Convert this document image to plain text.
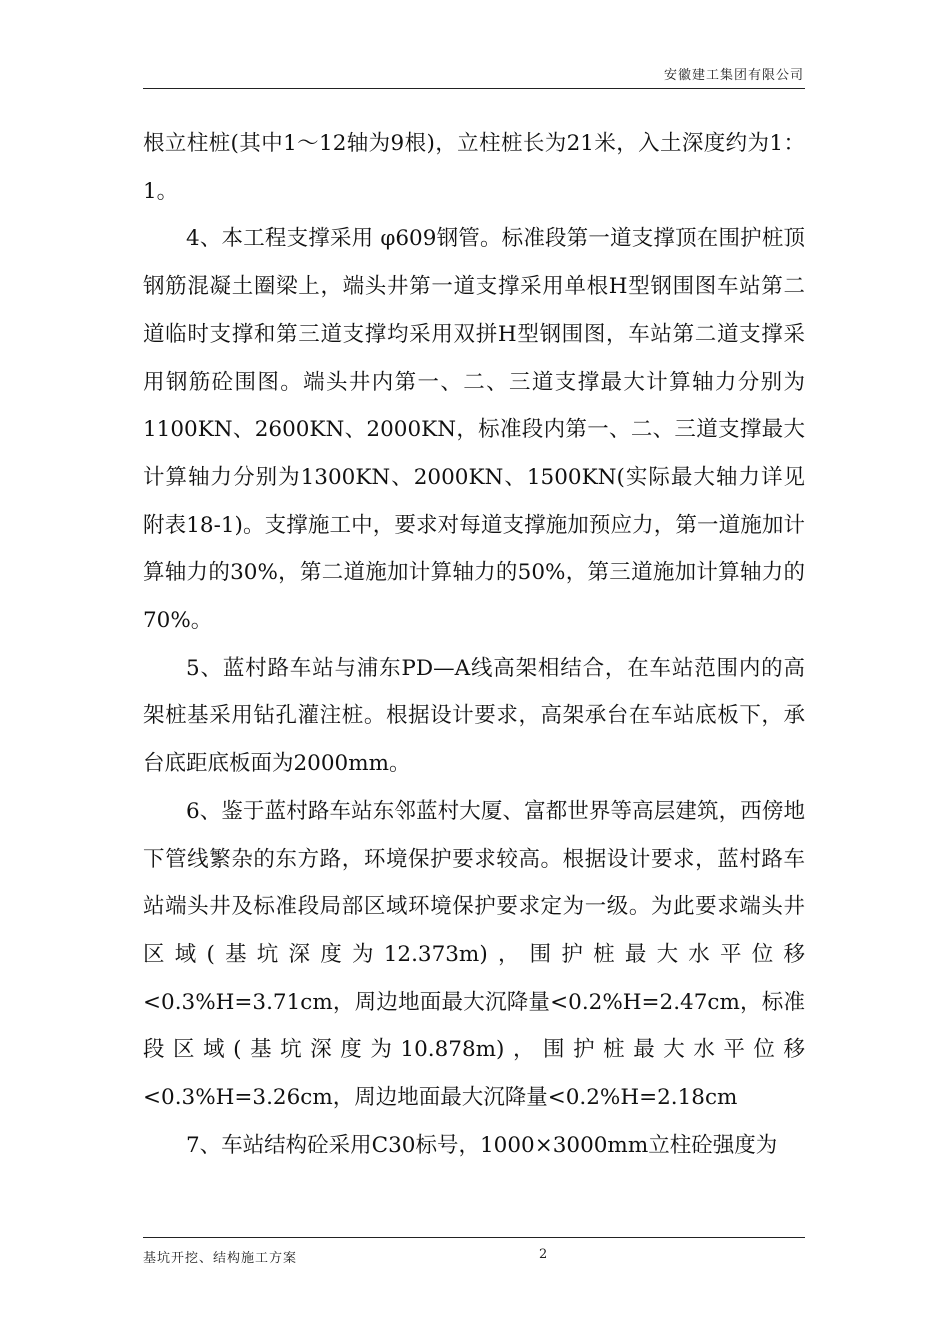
安徽建工集团有限公司

根立柱桩(其中1～12轴为9根)，立柱桩长为21米，入土深度约为1：1。

4、本工程支撑采用 φ609钢管。标准段第一道支撑顶在围护桩顶钢筋混凝土圈梁上，端头井第一道支撑采用单根H型钢围图车站第二道临时支撑和第三道支撑均采用双拼H型钢围图，车站第二道支撑采用钢筋砼围图。端头井内第一、二、三道支撑最大计算轴力分别为1100KN、2600KN、2000KN，标准段内第一、二、三道支撑最大计算轴力分别为1300KN、2000KN、1500KN(实际最大轴力详见附表18-1)。支撑施工中，要求对每道支撑施加预应力，第一道施加计算轴力的30%，第二道施加计算轴力的50%，第三道施加计算轴力的70%。

5、蓝村路车站与浦东PD—A线高架相结合，在车站范围内的高架桩基采用钻孔灌注桩。根据设计要求，高架承台在车站底板下，承台底距底板面为2000mm。

6、鉴于蓝村路车站东邻蓝村大厦、富都世界等高层建筑，西傍地下管线繁杂的东方路，环境保护要求较高。根据设计要求，蓝村路车站端头井及标准段局部区域环境保护要求定为一级。为此要求端头井区域(基坑深度为12.373m)，围护桩最大水平位移<0.3%H=3.71cm，周边地面最大沉降量<0.2%H=2.47cm，标准段区域(基坑深度为10.878m)，围护桩最大水平位移<0.3%H=3.26cm，周边地面最大沉降量<0.2%H=2.18cm

7、车站结构砼采用C30标号，1000×3000mm立柱砼强度为

基坑开挖、结构施工方案	2
